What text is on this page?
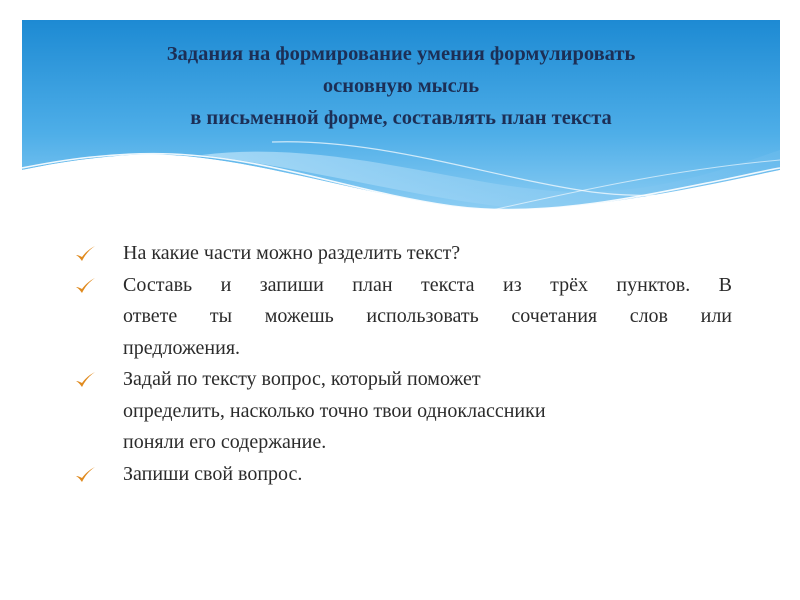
Задания на формирование умения формулировать
основную мысль
в письменной форме, составлять план текста
На какие части можно разделить текст?
Составь и запиши план текста из трёх пунктов. В
ответе ты можешь использовать сочетания слов или
предложения.
Задай по тексту вопрос, который поможет
определить, насколько точно твои одноклассники
поняли его содержание.
Запиши свой вопрос.
